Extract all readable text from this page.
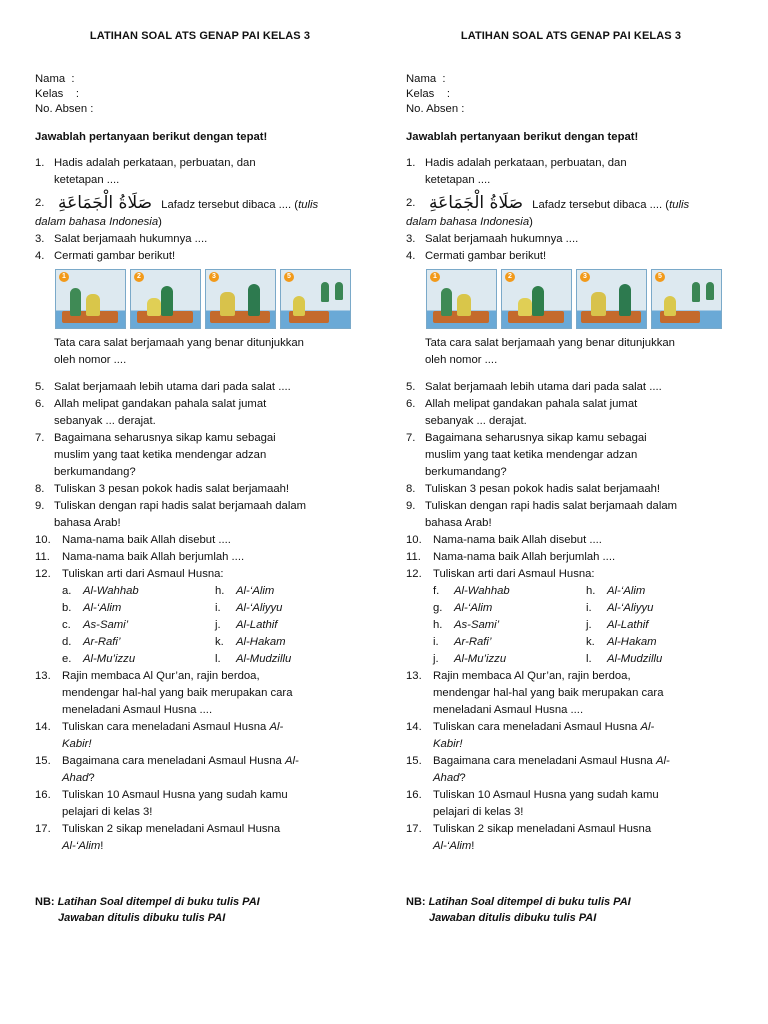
LATIHAN SOAL ATS GENAP PAI KELAS 3
Nama  :
Kelas    :
No. Absen :
Jawablah pertanyaan berikut dengan tepat!
1. Hadis adalah perkataan, perbuatan, dan
ketetapan ....
2. صَلَاةُ الْجَمَاعَةِ Lafadz tersebut dibaca .... (tulis
dalam bahasa Indonesia)
3. Salat berjamaah hukumnya ....
4. Cermati gambar berikut!
1	2	3	5
Tata cara salat berjamaah yang benar ditunjukkan
oleh nomor ....
5. Salat berjamaah lebih utama dari pada salat ....
6. Allah melipat gandakan pahala salat jumat
sebanyak ... derajat.
7. Bagaimana seharusnya sikap kamu sebagai
muslim yang taat ketika mendengar adzan
berkumandang?
8. Tuliskan 3 pesan pokok hadis salat berjamaah!
9. Tuliskan dengan rapi hadis salat berjamaah dalam
bahasa Arab!
10. Nama-nama baik Allah disebut ....
11. Nama-nama baik Allah berjumlah ....
12. Tuliskan arti dari Asmaul Husna:
a. Al-Wahhab	h. Al-‘Alim
b. Al-‘Alim	i. Al-‘Aliyyu
c. As-Sami’	j. Al-Lathif
d. Ar-Rafi’	k. Al-Hakam
e. Al-Mu’izzu	l. Al-Mudzillu
13. Rajin membaca Al Qur’an, rajin berdoa,
mendengar hal-hal yang baik merupakan cara
meneladani Asmaul Husna ....
14. Tuliskan cara meneladani Asmaul Husna Al-
Kabir!
15. Bagaimana cara meneladani Asmaul Husna Al-
Ahad?
16. Tuliskan 10 Asmaul Husna yang sudah kamu
pelajari di kelas 3!
17. Tuliskan 2 sikap meneladani Asmaul Husna
Al-‘Alim!
NB: Latihan Soal ditempel di buku tulis PAI
Jawaban ditulis dibuku tulis PAI
LATIHAN SOAL ATS GENAP PAI KELAS 3
Nama  :
Kelas    :
No. Absen :
Jawablah pertanyaan berikut dengan tepat!
1. Hadis adalah perkataan, perbuatan, dan
ketetapan ....
2. صَلَاةُ الْجَمَاعَةِ Lafadz tersebut dibaca .... (tulis
dalam bahasa Indonesia)
3. Salat berjamaah hukumnya ....
4. Cermati gambar berikut!
1	2	3	5
Tata cara salat berjamaah yang benar ditunjukkan
oleh nomor ....
5. Salat berjamaah lebih utama dari pada salat ....
6. Allah melipat gandakan pahala salat jumat
sebanyak ... derajat.
7. Bagaimana seharusnya sikap kamu sebagai
muslim yang taat ketika mendengar adzan
berkumandang?
8. Tuliskan 3 pesan pokok hadis salat berjamaah!
9. Tuliskan dengan rapi hadis salat berjamaah dalam
bahasa Arab!
10. Nama-nama baik Allah disebut ....
11. Nama-nama baik Allah berjumlah ....
12. Tuliskan arti dari Asmaul Husna:
f. Al-Wahhab	h. Al-‘Alim
g. Al-‘Alim	i. Al-‘Aliyyu
h. As-Sami’	j. Al-Lathif
i. Ar-Rafi’	k. Al-Hakam
j. Al-Mu’izzu	l. Al-Mudzillu
13. Rajin membaca Al Qur’an, rajin berdoa,
mendengar hal-hal yang baik merupakan cara
meneladani Asmaul Husna ....
14. Tuliskan cara meneladani Asmaul Husna Al-
Kabir!
15. Bagaimana cara meneladani Asmaul Husna Al-
Ahad?
16. Tuliskan 10 Asmaul Husna yang sudah kamu
pelajari di kelas 3!
17. Tuliskan 2 sikap meneladani Asmaul Husna
Al-‘Alim!
NB: Latihan Soal ditempel di buku tulis PAI
Jawaban ditulis dibuku tulis PAI
